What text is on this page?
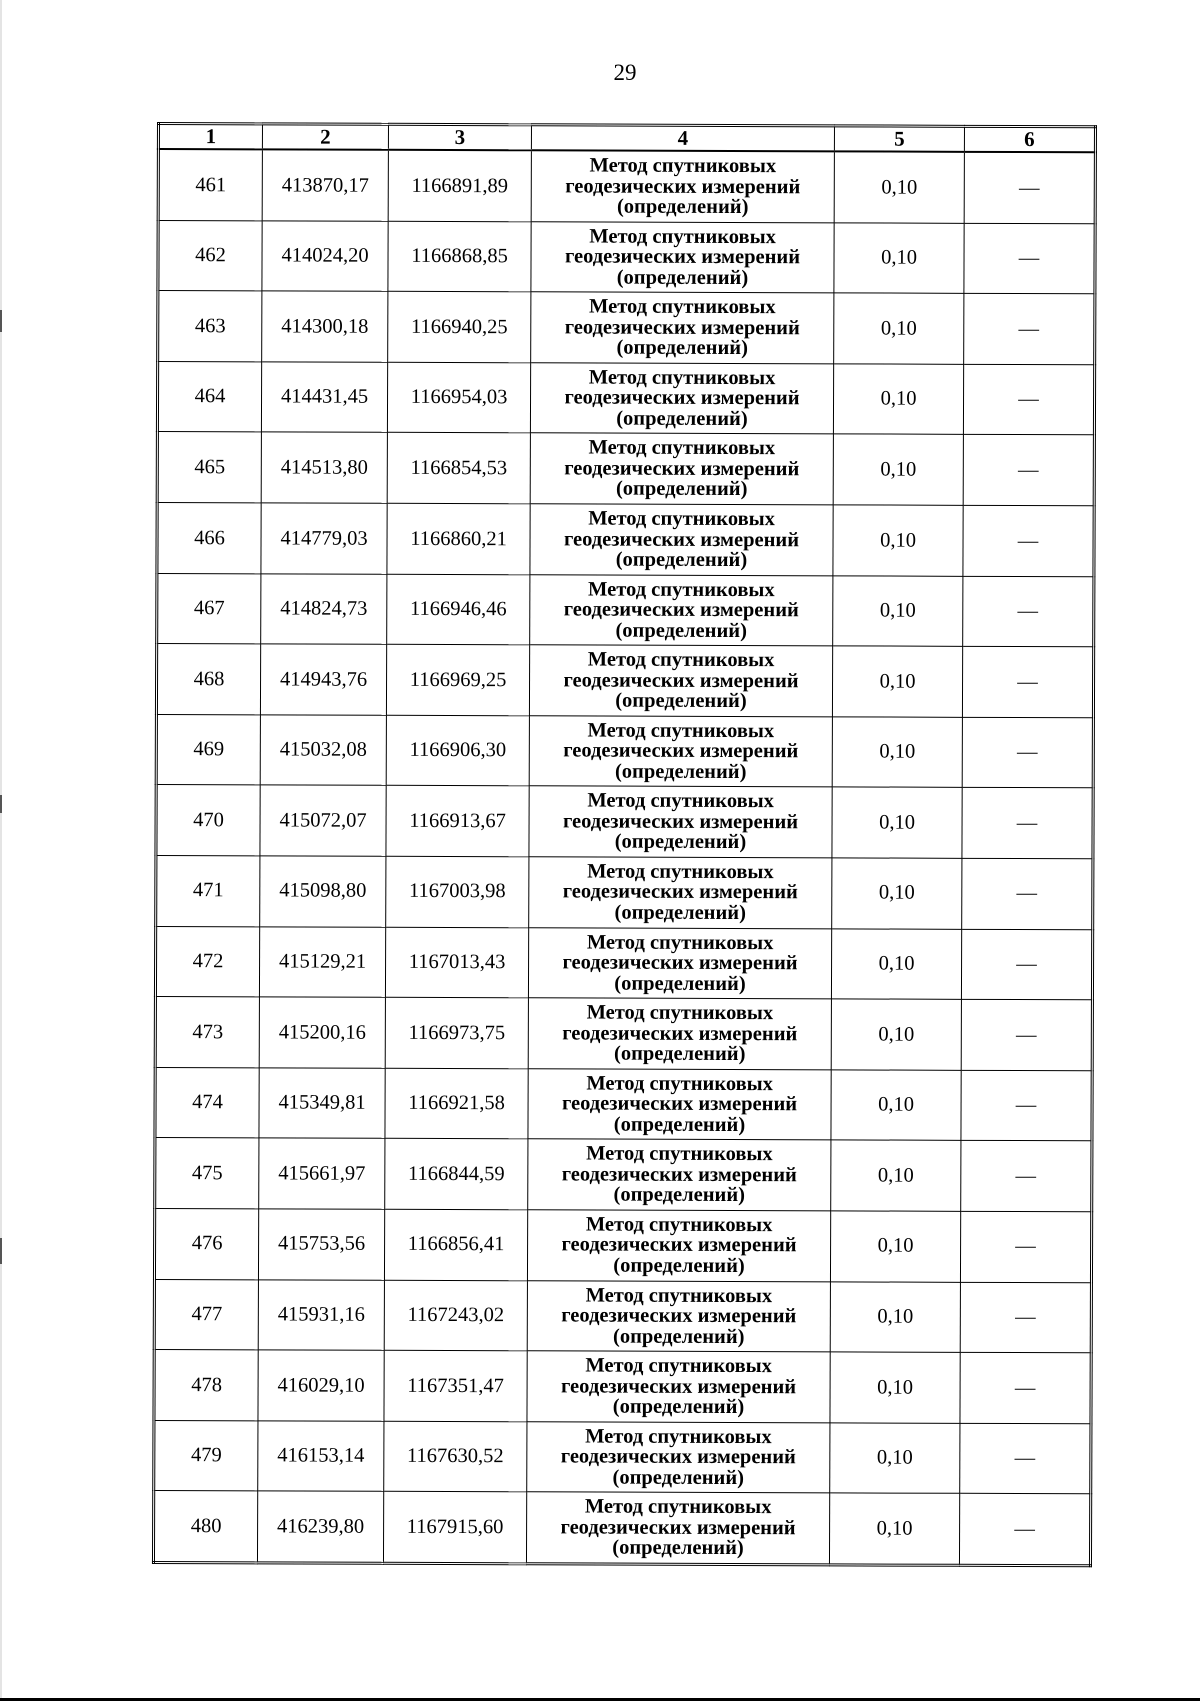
29
1	2	3	4	5	6
461	413870,17	1166891,89	Метод спутниковых
геодезических измерений
(определений)	0,10	—
462	414024,20	1166868,85	Метод спутниковых
геодезических измерений
(определений)	0,10	—
463	414300,18	1166940,25	Метод спутниковых
геодезических измерений
(определений)	0,10	—
464	414431,45	1166954,03	Метод спутниковых
геодезических измерений
(определений)	0,10	—
465	414513,80	1166854,53	Метод спутниковых
геодезических измерений
(определений)	0,10	—
466	414779,03	1166860,21	Метод спутниковых
геодезических измерений
(определений)	0,10	—
467	414824,73	1166946,46	Метод спутниковых
геодезических измерений
(определений)	0,10	—
468	414943,76	1166969,25	Метод спутниковых
геодезических измерений
(определений)	0,10	—
469	415032,08	1166906,30	Метод спутниковых
геодезических измерений
(определений)	0,10	—
470	415072,07	1166913,67	Метод спутниковых
геодезических измерений
(определений)	0,10	—
471	415098,80	1167003,98	Метод спутниковых
геодезических измерений
(определений)	0,10	—
472	415129,21	1167013,43	Метод спутниковых
геодезических измерений
(определений)	0,10	—
473	415200,16	1166973,75	Метод спутниковых
геодезических измерений
(определений)	0,10	—
474	415349,81	1166921,58	Метод спутниковых
геодезических измерений
(определений)	0,10	—
475	415661,97	1166844,59	Метод спутниковых
геодезических измерений
(определений)	0,10	—
476	415753,56	1166856,41	Метод спутниковых
геодезических измерений
(определений)	0,10	—
477	415931,16	1167243,02	Метод спутниковых
геодезических измерений
(определений)	0,10	—
478	416029,10	1167351,47	Метод спутниковых
геодезических измерений
(определений)	0,10	—
479	416153,14	1167630,52	Метод спутниковых
геодезических измерений
(определений)	0,10	—
480	416239,80	1167915,60	Метод спутниковых
геодезических измерений
(определений)	0,10	—
